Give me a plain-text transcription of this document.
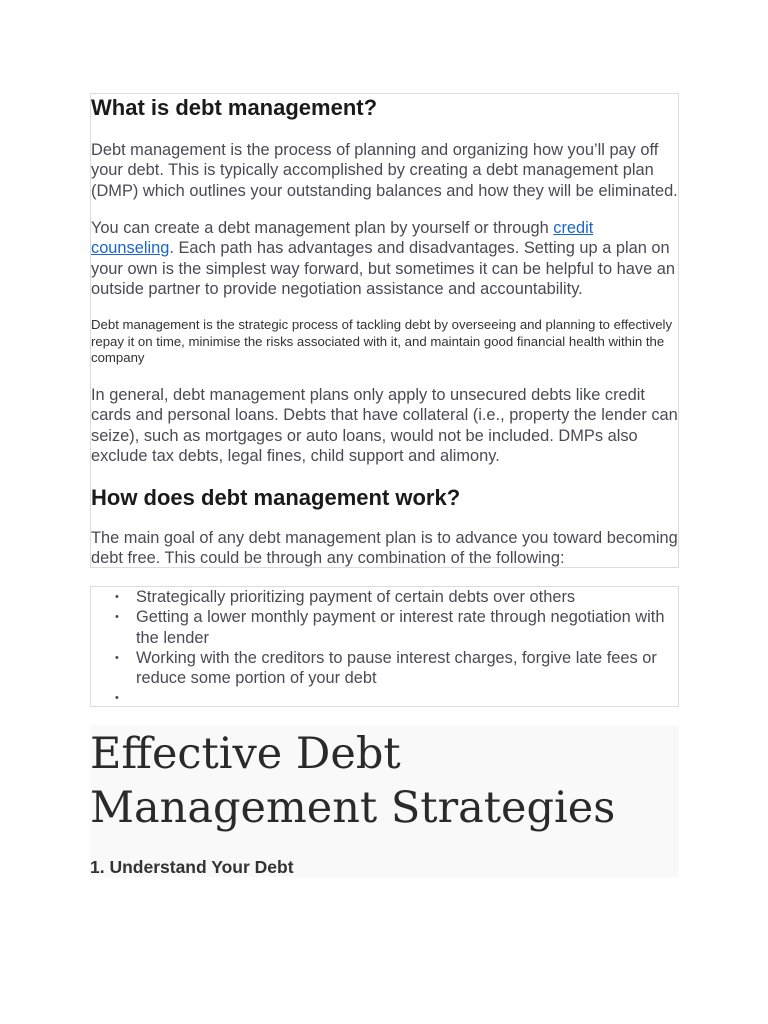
What is debt management?

Debt management is the process of planning and organizing how you’ll pay off your debt. This is typically accomplished by creating a debt management plan (DMP) which outlines your outstanding balances and how they will be eliminated.

You can create a debt management plan by yourself or through credit counseling. Each path has advantages and disadvantages. Setting up a plan on your own is the simplest way forward, but sometimes it can be helpful to have an outside partner to provide negotiation assistance and accountability.

Debt management is the strategic process of tackling debt by overseeing and planning to effectively repay it on time, minimise the risks associated with it, and maintain good financial health within the company

In general, debt management plans only apply to unsecured debts like credit cards and personal loans. Debts that have collateral (i.e., property the lender can seize), such as mortgages or auto loans, would not be included. DMPs also exclude tax debts, legal fines, child support and alimony.

How does debt management work?

The main goal of any debt management plan is to advance you toward becoming debt free. This could be through any combination of the following:

• Strategically prioritizing payment of certain debts over others
• Getting a lower monthly payment or interest rate through negotiation with the lender
• Working with the creditors to pause interest charges, forgive late fees or reduce some portion of your debt
•
Effective Debt Management Strategies
1. Understand Your Debt
